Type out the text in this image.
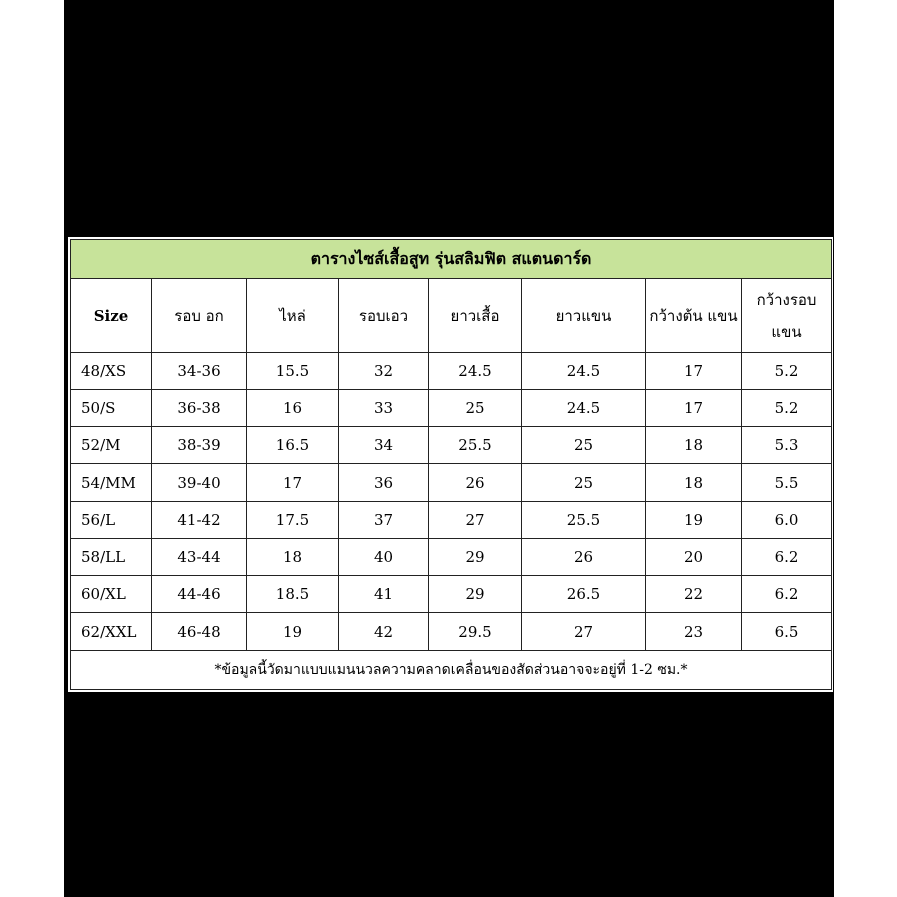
ตารางไซส์เสื้อสูท รุ่นสลิมฟิต สแตนดาร์ด							
Size	รอบ อก	ไหล่	รอบเอว	ยาวเสื้อ	ยาวแขน	กว้างต้น แขน	กว้างรอบ แขน
48/XS	34-36	15.5	32	24.5	24.5	17	5.2
50/S	36-38	16	33	25	24.5	17	5.2
52/M	38-39	16.5	34	25.5	25	18	5.3
54/MM	39-40	17	36	26	25	18	5.5
56/L	41-42	17.5	37	27	25.5	19	6.0
58/LL	43-44	18	40	29	26	20	6.2
60/XL	44-46	18.5	41	29	26.5	22	6.2
62/XXL	46-48	19	42	29.5	27	23	6.5
*ข้อมูลนี้วัดมาแบบแมนนวลความคลาดเคลื่อนของสัดส่วนอาจจะอยู่ที่ 1-2 ซม.*							
